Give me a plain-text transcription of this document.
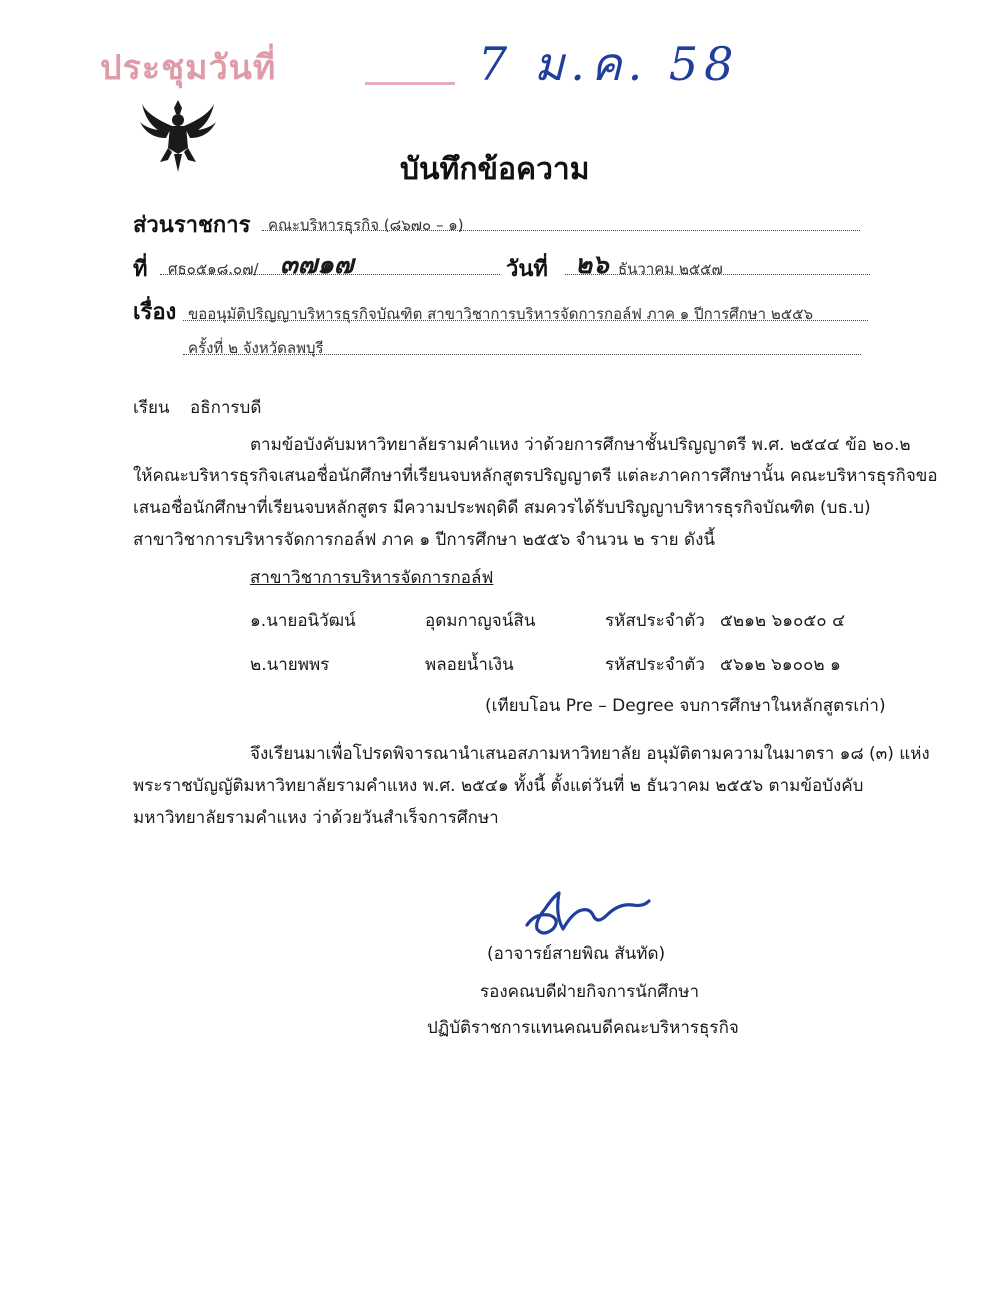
ประชุมวันที่	7 ม.ค. 58
บันทึกข้อความ
ส่วนราชการ คณะบริหารธุรกิจ (๘๖๗๐ – ๑)
ที่ ศธ๐๕๑๘.๐๗/ ๓๗๑๗	วันที่ ๒๖ ธันวาคม ๒๕๕๗
เรื่อง ขออนุมัติปริญญาบริหารธุรกิจบัณฑิต สาขาวิชาการบริหารจัดการกอล์ฟ ภาค ๑ ปีการศึกษา ๒๕๕๖
ครั้งที่ ๒ จังหวัดลพบุรี
เรียน อธิการบดี
ตามข้อบังคับมหาวิทยาลัยรามคำแหง ว่าด้วยการศึกษาชั้นปริญญาตรี พ.ศ. ๒๕๔๔ ข้อ ๒๐.๒
ให้คณะบริหารธุรกิจเสนอชื่อนักศึกษาที่เรียนจบหลักสูตรปริญญาตรี แต่ละภาคการศึกษานั้น คณะบริหารธุรกิจขอ
เสนอชื่อนักศึกษาที่เรียนจบหลักสูตร มีความประพฤติดี สมควรได้รับปริญญาบริหารธุรกิจบัณฑิต (บธ.บ)
สาขาวิชาการบริหารจัดการกอล์ฟ ภาค ๑ ปีการศึกษา ๒๕๕๖ จำนวน ๒ ราย ดังนี้
สาขาวิชาการบริหารจัดการกอล์ฟ
๑.นายอนิวัฒน์	อุดมกาญจน์สิน	รหัสประจำตัว ๕๒๑๒ ๖๑๐๕๐ ๔
๒.นายพพร	พลอยน้ำเงิน	รหัสประจำตัว ๕๖๑๒ ๖๑๐๐๒ ๑
(เทียบโอน Pre – Degree จบการศึกษาในหลักสูตรเก่า)
จึงเรียนมาเพื่อโปรดพิจารณานำเสนอสภามหาวิทยาลัย อนุมัติตามความในมาตรา ๑๘ (๓) แห่ง
พระราชบัญญัติมหาวิทยาลัยรามคำแหง พ.ศ. ๒๕๔๑ ทั้งนี้ ตั้งแต่วันที่ ๒ ธันวาคม ๒๕๕๖ ตามข้อบังคับ
มหาวิทยาลัยรามคำแหง ว่าด้วยวันสำเร็จการศึกษา
(อาจารย์สายพิณ สันทัด)
รองคณบดีฝ่ายกิจการนักศึกษา
ปฏิบัติราชการแทนคณบดีคณะบริหารธุรกิจ
